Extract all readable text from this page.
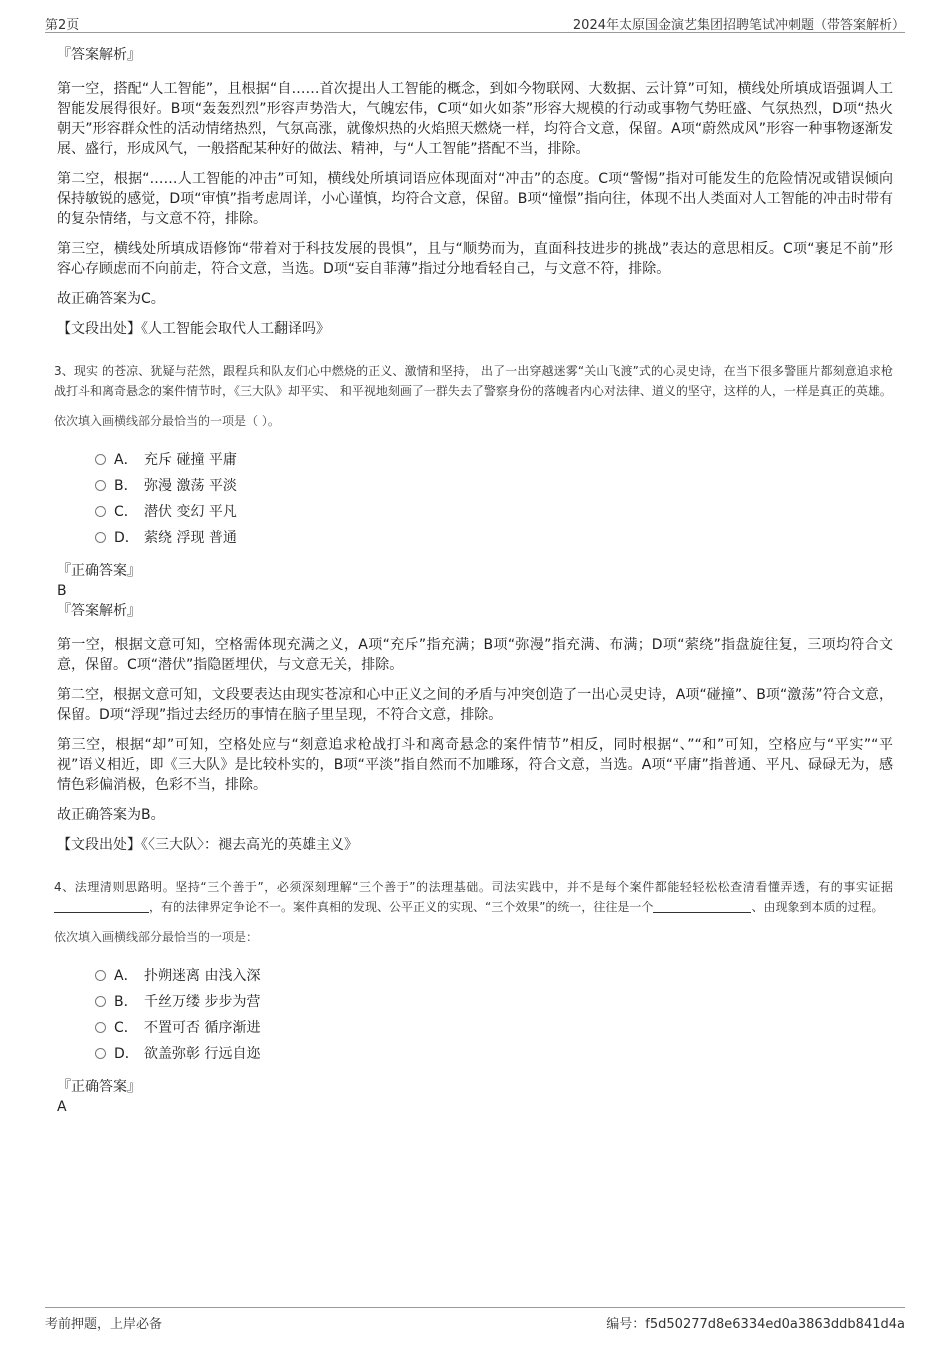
第2页	2024年太原国金演艺集团招聘笔试冲刺题（带答案解析）

『答案解析』

第一空，搭配“人工智能”，且根据“自……首次提出人工智能的概念，到如今物联网、大数据、云计算”可知，横线处所填成语强调人工智能发展得很好。B项“轰轰烈烈”形容声势浩大，气魄宏伟，C项“如火如荼”形容大规模的行动或事物气势旺盛、气氛热烈，D项“热火朝天”形容群众性的活动情绪热烈，气氛高涨，就像炽热的火焰照天燃烧一样，均符合文意，保留。A项“蔚然成风”形容一种事物逐渐发展、盛行，形成风气，一般搭配某种好的做法、精神，与“人工智能”搭配不当，排除。

第二空，根据“……人工智能的冲击”可知，横线处所填词语应体现面对“冲击”的态度。C项“警惕”指对可能发生的危险情况或错误倾向保持敏锐的感觉，D项“审慎”指考虑周详，小心谨慎，均符合文意，保留。B项“憧憬”指向往，体现不出人类面对人工智能的冲击时带有的复杂情绪，与文意不符，排除。

第三空，横线处所填成语修饰“带着对于科技发展的畏惧”，且与“顺势而为，直面科技进步的挑战”表达的意思相反。C项“裹足不前”形容心存顾虑而不向前走，符合文意，当选。D项“妄自菲薄”指过分地看轻自己，与文意不符，排除。

故正确答案为C。

【文段出处】《人工智能会取代人工翻译吗》

3、现实 的苍凉、犹疑与茫然，跟程兵和队友们心中燃烧的正义、激情和坚持， 出了一出穿越迷雾“关山飞渡”式的心灵史诗，在当下很多警匪片都刻意追求枪战打斗和离奇悬念的案件情节时，《三大队》却平实、 和平视地刻画了一群失去了警察身份的落魄者内心对法律、道义的坚守，这样的人，一样是真正的英雄。

依次填入画横线部分最恰当的一项是（ ）。

A． 充斥 碰撞 平庸
B． 弥漫 激荡 平淡
C． 潜伏 变幻 平凡
D． 萦绕 浮现 普通

『正确答案』

B

『答案解析』

第一空，根据文意可知，空格需体现充满之义，A项“充斥”指充满；B项“弥漫”指充满、布满；D项“萦绕”指盘旋往复，三项均符合文意，保留。C项“潜伏”指隐匿埋伏，与文意无关，排除。

第二空，根据文意可知，文段要表达由现实苍凉和心中正义之间的矛盾与冲突创造了一出心灵史诗，A项“碰撞”、B项“激荡”符合文意，保留。D项“浮现”指过去经历的事情在脑子里呈现，不符合文意，排除。

第三空，根据“却”可知，空格处应与“刻意追求枪战打斗和离奇悬念的案件情节”相反，同时根据“、”“和”可知，空格应与“平实”“平视”语义相近，即《三大队》是比较朴实的，B项“平淡”指自然而不加雕琢，符合文意，当选。A项“平庸”指普通、平凡、碌碌无为，感情色彩偏消极，色彩不当，排除。

故正确答案为B。

【文段出处】《〈三大队〉：褪去高光的英雄主义》

4、法理清则思路明。坚持“三个善于”，必须深刻理解“三个善于”的法理基础。司法实践中，并不是每个案件都能轻轻松松查清看懂弄透，有的事实证据，有的法律界定争论不一。案件真相的发现、公平正义的实现、“三个效果”的统一，往往是一个	、由现象到本质的过程。

依次填入画横线部分最恰当的一项是：

A． 扑朔迷离 由浅入深
B． 千丝万缕 步步为营
C． 不置可否 循序渐进
D． 欲盖弥彰 行远自迩

『正确答案』

A

考前押题，上岸必备	编号：f5d50277d8e6334ed0a3863ddb841d4a
